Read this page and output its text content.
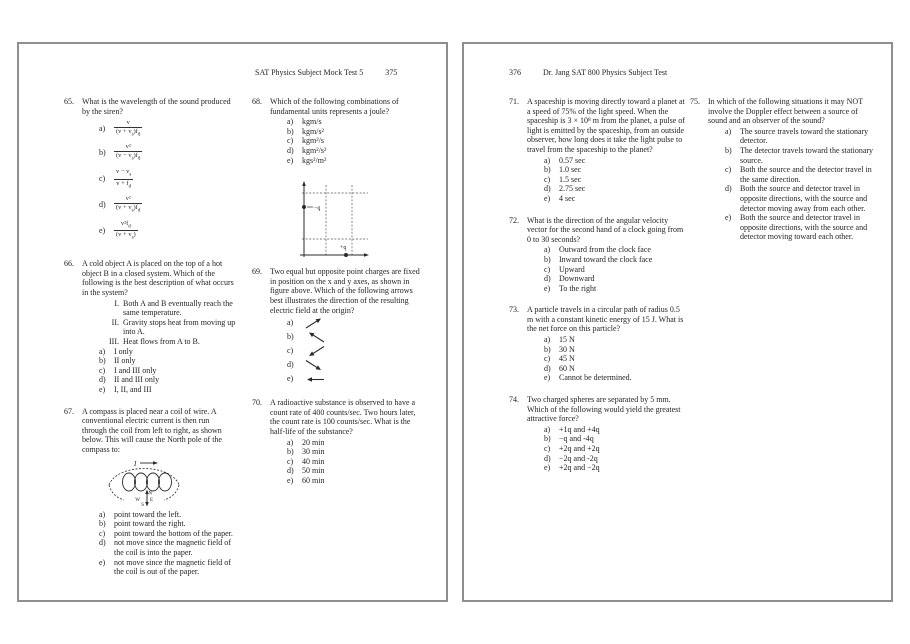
SAT Physics Subject Mock Test 5	375
65.	What is the wavelength of the sound produced by the siren?
a)	$\frac{v}{(v + v_s)f_d}$
b)	$\frac{\text{v²}}{(v - v_s)f_d}$
c)	$\frac{v - v_s}{v + f_d}$
d)	$\frac{\text{v²}}{(v + v_s)f_d}$
e)	$\frac{v^2f_d}{(v + v_s)}$
66.	A cold object A is placed on the top of a hot object B in a closed system. Which of the following is the best description of what occurs in the system?
I. Both A and B eventually reach the same temperature.
II. Gravity stops heat from moving up into A.
III. Heat flows from A to B.
a)	I only
b)	II only
c)	I and III only
d)	II and III only
e)	I, II, and III
67.	A compass is placed near a coil of wire. A conventional electric current is then run through the coil from left to right, as shown below. This will cause the North pole of the compass to:
I
N
S
W E
a)	point toward the left.
b)	point toward the right.
c)	point toward the bottom of the paper.
d)	not move since the magnetic field of the coil is into the paper.
e)	not move since the magnetic field of the coil is out of the paper.
68.	Which of the following combinations of fundamental units represents a joule?
a)	kgm/s
b)	kgm/s²
c)	kgm²/s
d)	kgm²/s²
e)	kgs²/m²
−q
+q
69.	Two equal but opposite point charges are fixed in position on the x and y axes, as shown in figure above. Which of the following arrows best illustrates the direction of the resulting electric field at the origin?
a)
b)
c)
d)
e)
70.	A radioactive substance is observed to have a count rate of 400 counts/sec. Two hours later, the count rate is 100 counts/sec. What is the half-life of the substance?
a)	20 min
b)	30 min
c)	40 min
d)	50 min
e)	60 min
376	Dr. Jang SAT 800 Physics Subject Test
71.	A spaceship is moving directly toward a planet at a speed of 75% of the light speed. When the spaceship is 3 × 10⁸ m from the planet, a pulse of light is emitted by the spaceship, from an outside observer, how long does it take the light pulse to travel from the spaceship to the planet?
a)	0.57 sec
b)	1.0 sec
c)	1.5 sec
d)	2.75 sec
e)	4 sec
72.	What is the direction of the angular velocity vector for the second hand of a clock going from 0 to 30 seconds?
a)	Outward from the clock face
b)	Inward toward the clock face
c)	Upward
d)	Downward
e)	To the right
73.	A particle travels in a circular path of radius 0.5 m with a constant kinetic energy of 15 J. What is the net force on this particle?
a)	15 N
b)	30 N
c)	45 N
d)	60 N
e)	Cannot be determined.
74.	Two charged spheres are separated by 5 mm. Which of the following would yield the greatest attractive force?
a)	+1q and +4q
b)	−q and -4q
c)	+2q and +2q
d)	−2q and -2q
e)	+2q and −2q
75.	In which of the following situations it may NOT involve the Doppler effect between a source of sound and an observer of the sound?
a)	The source travels toward the stationary detector.
b)	The detector travels toward the stationary source.
c)	Both the source and the detector travel in the same direction.
d)	Both the source and detector travel in opposite directions, with the source and detector moving away from each other.
e)	Both the source and detector travel in opposite directions, with the source and detector moving toward each other.
